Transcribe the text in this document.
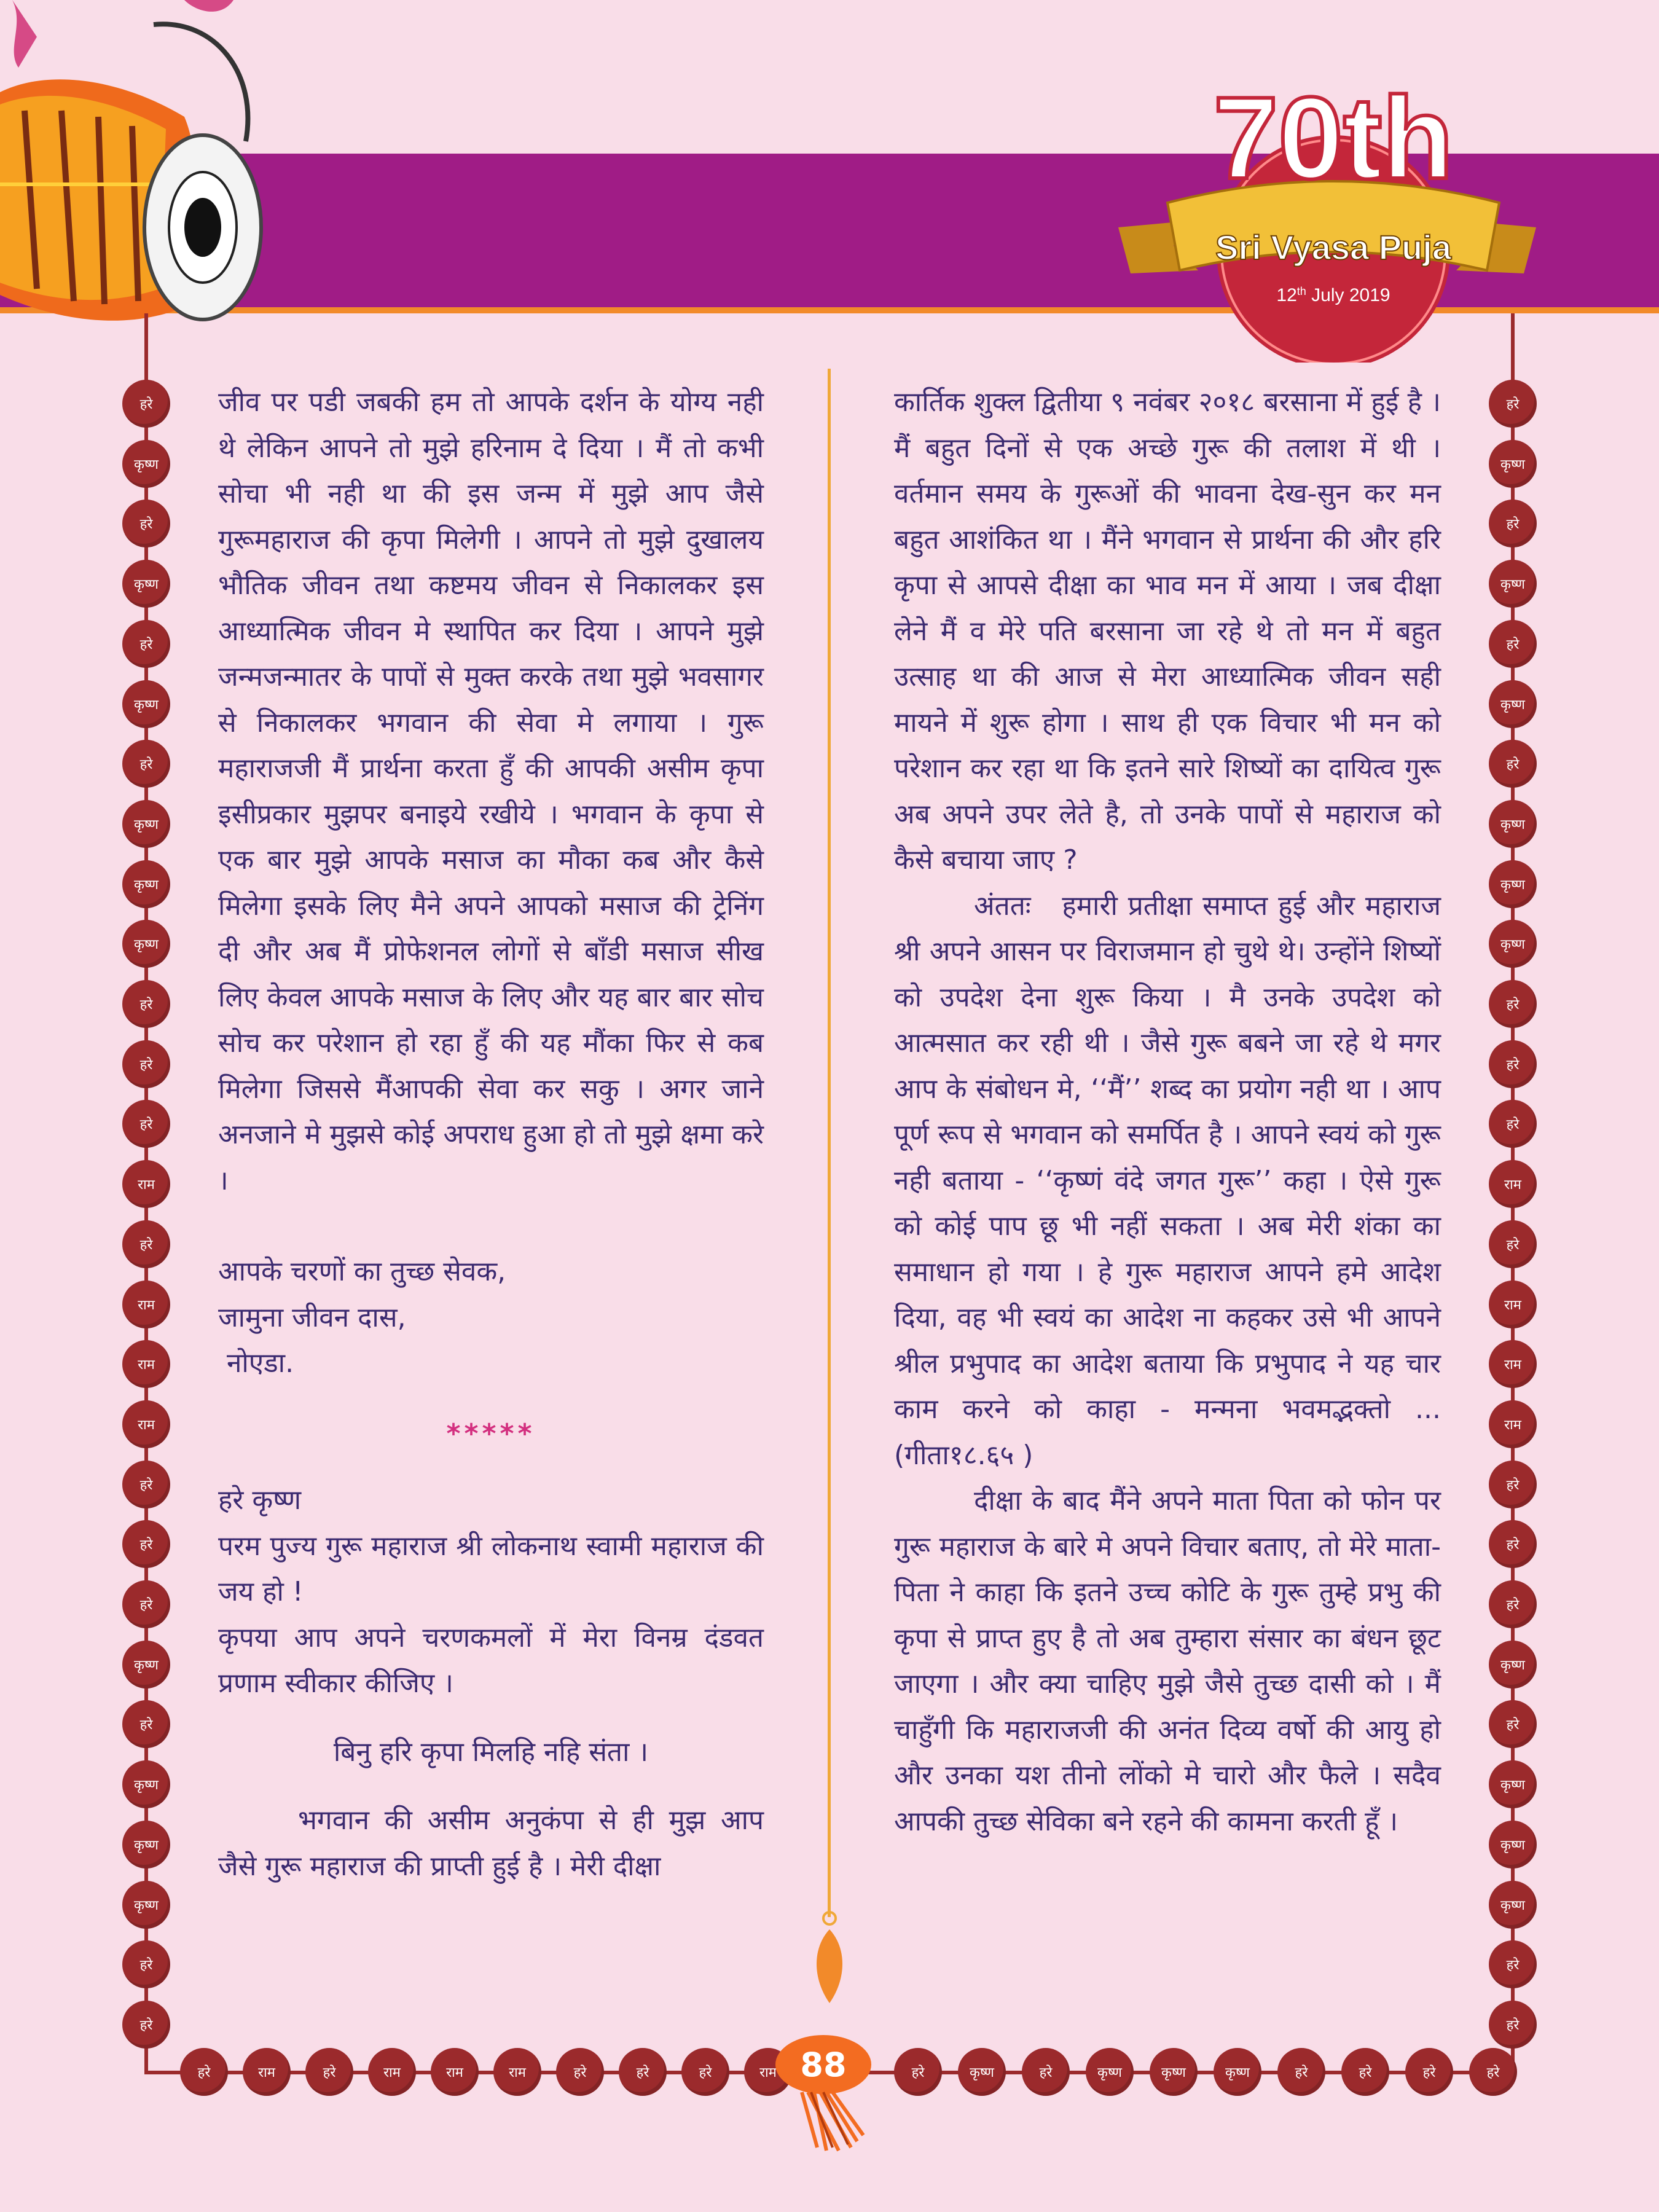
70th
Sri Vyasa Puja
12th July 2019
हरे
कृष्ण
हरे
कृष्ण
हरे
कृष्ण
हरे
कृष्ण
कृष्ण
कृष्ण
हरे
हरे
हरे
राम
हरे
राम
राम
राम
हरे
हरे
हरे
कृष्ण
हरे
कृष्ण
कृष्ण
कृष्ण
हरे
हरे
हरे
कृष्ण
हरे
कृष्ण
हरे
कृष्ण
हरे
कृष्ण
कृष्ण
कृष्ण
हरे
हरे
हरे
राम
हरे
राम
राम
राम
हरे
हरे
हरे
कृष्ण
हरे
कृष्ण
कृष्ण
कृष्ण
हरे
हरे
हरे	राम	हरे	राम	राम	राम	हरे	हरे	हरे	राम	हरे	कृष्ण	हरे	कृष्ण	कृष्ण	कृष्ण	हरे	हरे	हरे	हरे
88

जीव पर पडी जबकी हम तो आपके दर्शन के योग्य नही थे लेकिन आपने तो मुझे हरिनाम दे दिया । मैं तो कभी सोचा भी नही था की इस जन्म में मुझे आप जैसे गुरूमहाराज की कृपा मिलेगी । आपने तो मुझे दुखालय भौतिक जीवन तथा कष्टमय जीवन से निकालकर इस आध्यात्मिक जीवन मे स्थापित कर दिया । आपने मुझे जन्मजन्मातर के पापों से मुक्त करके तथा मुझे भवसागर से निकालकर भगवान की सेवा मे लगाया । गुरू महाराजजी मैं प्रार्थना करता हुँ की आपकी असीम कृपा इसीप्रकार मुझपर बनाइये रखीये । भगवान के कृपा से एक बार मुझे आपके मसाज का मौका कब और कैसे मिलेगा इसके लिए मैने अपने आपको मसाज की ट्रेनिंग दी और अब मैं प्रोफेशनल लोगों से बाँडी मसाज सीख लिए केवल आपके मसाज के लिए और यह बार बार सोच सोच कर परेशान हो रहा हुँ की यह मौंका फिर से कब मिलेगा जिससे मैंआपकी सेवा कर सकु । अगर जाने अनजाने मे मुझसे कोई अपराध हुआ हो तो मुझे क्षमा करे ।

आपके चरणों का तुच्छ सेवक,

जामुना जीवन दास,

नोएडा.

*****

हरे कृष्ण

परम पुज्य गुरू महाराज श्री लोकनाथ स्वामी महाराज की जय हो !

कृपया आप अपने चरणकमलों में मेरा विनम्र दंडवत प्रणाम स्वीकार कीजिए ।

बिनु हरि कृपा मिलहि नहि संता ।

भगवान की असीम अनुकंपा से ही मुझ आप जैसे गुरू महाराज की प्राप्ती हुई है । मेरी दीक्षा

कार्तिक शुक्ल द्वितीया ९ नवंबर २०१८ बरसाना में हुई है । मैं बहुत दिनों से एक अच्छे गुरू की तलाश में थी । वर्तमान समय के गुरूओं की भावना देख-सुन कर मन बहुत आशंकित था । मैंने भगवान से प्रार्थना की और हरि कृपा से आपसे दीक्षा का भाव मन में आया । जब दीक्षा लेने मैं व मेरे पति बरसाना जा रहे थे तो मन में बहुत उत्साह था की आज से मेरा आध्यात्मिक जीवन सही मायने में शुरू होगा । साथ ही एक विचार भी मन को परेशान कर रहा था कि इतने सारे शिष्यों का दायित्व गुरू अब अपने उपर लेते है, तो उनके पापों से महाराज को कैसे बचाया जाए ?

अंततः   हमारी प्रतीक्षा समाप्त हुई और महाराज श्री अपने आसन पर विराजमान हो चुथे थे। उन्होंने शिष्यों को उपदेश देना शुरू किया । मै उनके उपदेश को आत्मसात कर रही थी । जैसे गुरू बबने जा रहे थे मगर आप के संबोधन मे, ‘‘मैं’’ शब्द का प्रयोग नही था । आप पूर्ण रूप से भगवान को समर्पित है । आपने स्वयं को गुरू नही बताया - ‘‘कृष्णं वंदे जगत गुरू’’ कहा । ऐसे गुरू को कोई पाप छू भी नहीं सकता । अब मेरी शंका का समाधान हो गया । हे गुरू महाराज आपने हमे आदेश दिया, वह भी स्वयं का आदेश ना कहकर उसे भी आपने श्रील प्रभुपाद का आदेश बताया कि प्रभुपाद ने यह चार काम करने को काहा - मन्मना भवमद्भक्तो ... (गीता१८.६५ )

दीक्षा के बाद मैंने अपने माता पिता को फोन पर गुरू महाराज के बारे मे अपने विचार बताए, तो मेरे माता-पिता ने काहा कि इतने उच्च कोटि के गुरू तुम्हे प्रभु की कृपा से प्राप्त हुए है तो अब तुम्हारा संसार का बंधन छूट जाएगा । और क्या चाहिए मुझे जैसे तुच्छ दासी को । मैं चाहुँगी कि महाराजजी की अनंत दिव्य वर्षो की आयु हो और उनका यश तीनो लोंको मे चारो और फैले । सदैव आपकी तुच्छ सेविका बने रहने की कामना करती हूँ ।
